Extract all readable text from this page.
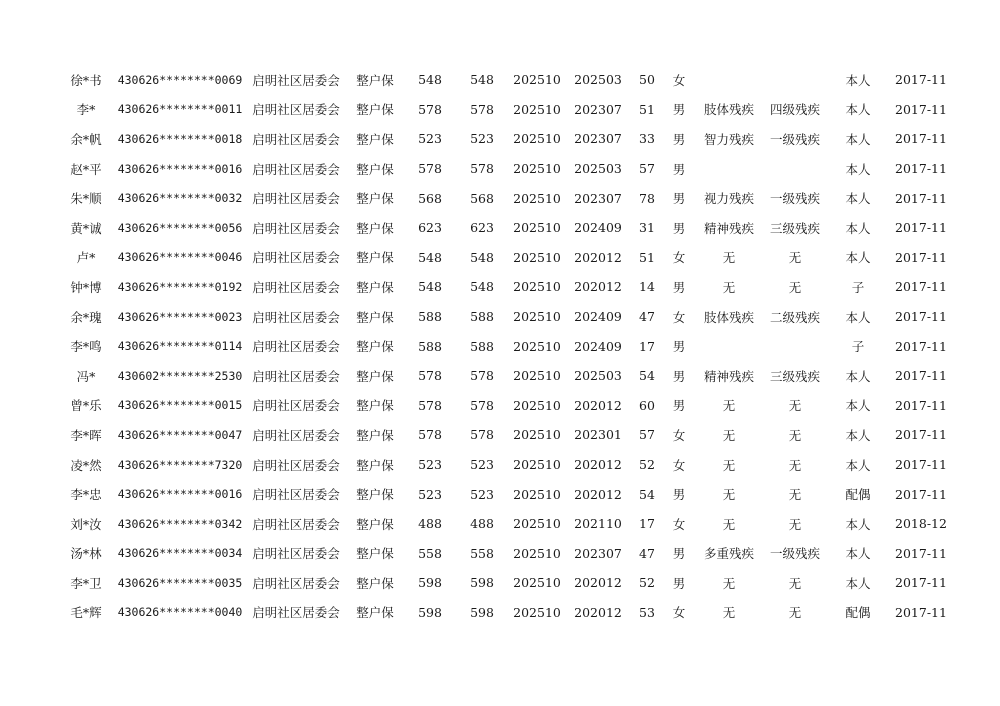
徐*书	430626********0069	启明社区居委会	整户保	548	548	202510	202503	50	女			本人	2017-11
李*	430626********0011	启明社区居委会	整户保	578	578	202510	202307	51	男	肢体残疾	四级残疾	本人	2017-11
余*帆	430626********0018	启明社区居委会	整户保	523	523	202510	202307	33	男	智力残疾	一级残疾	本人	2017-11
赵*平	430626********0016	启明社区居委会	整户保	578	578	202510	202503	57	男			本人	2017-11
朱*顺	430626********0032	启明社区居委会	整户保	568	568	202510	202307	78	男	视力残疾	一级残疾	本人	2017-11
黄*诚	430626********0056	启明社区居委会	整户保	623	623	202510	202409	31	男	精神残疾	三级残疾	本人	2017-11
卢*	430626********0046	启明社区居委会	整户保	548	548	202510	202012	51	女	无	无	本人	2017-11
钟*博	430626********0192	启明社区居委会	整户保	548	548	202510	202012	14	男	无	无	子	2017-11
余*瑰	430626********0023	启明社区居委会	整户保	588	588	202510	202409	47	女	肢体残疾	二级残疾	本人	2017-11
李*鸣	430626********0114	启明社区居委会	整户保	588	588	202510	202409	17	男			子	2017-11
冯*	430602********2530	启明社区居委会	整户保	578	578	202510	202503	54	男	精神残疾	三级残疾	本人	2017-11
曾*乐	430626********0015	启明社区居委会	整户保	578	578	202510	202012	60	男	无	无	本人	2017-11
李*晖	430626********0047	启明社区居委会	整户保	578	578	202510	202301	57	女	无	无	本人	2017-11
凌*然	430626********7320	启明社区居委会	整户保	523	523	202510	202012	52	女	无	无	本人	2017-11
李*忠	430626********0016	启明社区居委会	整户保	523	523	202510	202012	54	男	无	无	配偶	2017-11
刘*汝	430626********0342	启明社区居委会	整户保	488	488	202510	202110	17	女	无	无	本人	2018-12
汤*林	430626********0034	启明社区居委会	整户保	558	558	202510	202307	47	男	多重残疾	一级残疾	本人	2017-11
李*卫	430626********0035	启明社区居委会	整户保	598	598	202510	202012	52	男	无	无	本人	2017-11
毛*辉	430626********0040	启明社区居委会	整户保	598	598	202510	202012	53	女	无	无	配偶	2017-11
